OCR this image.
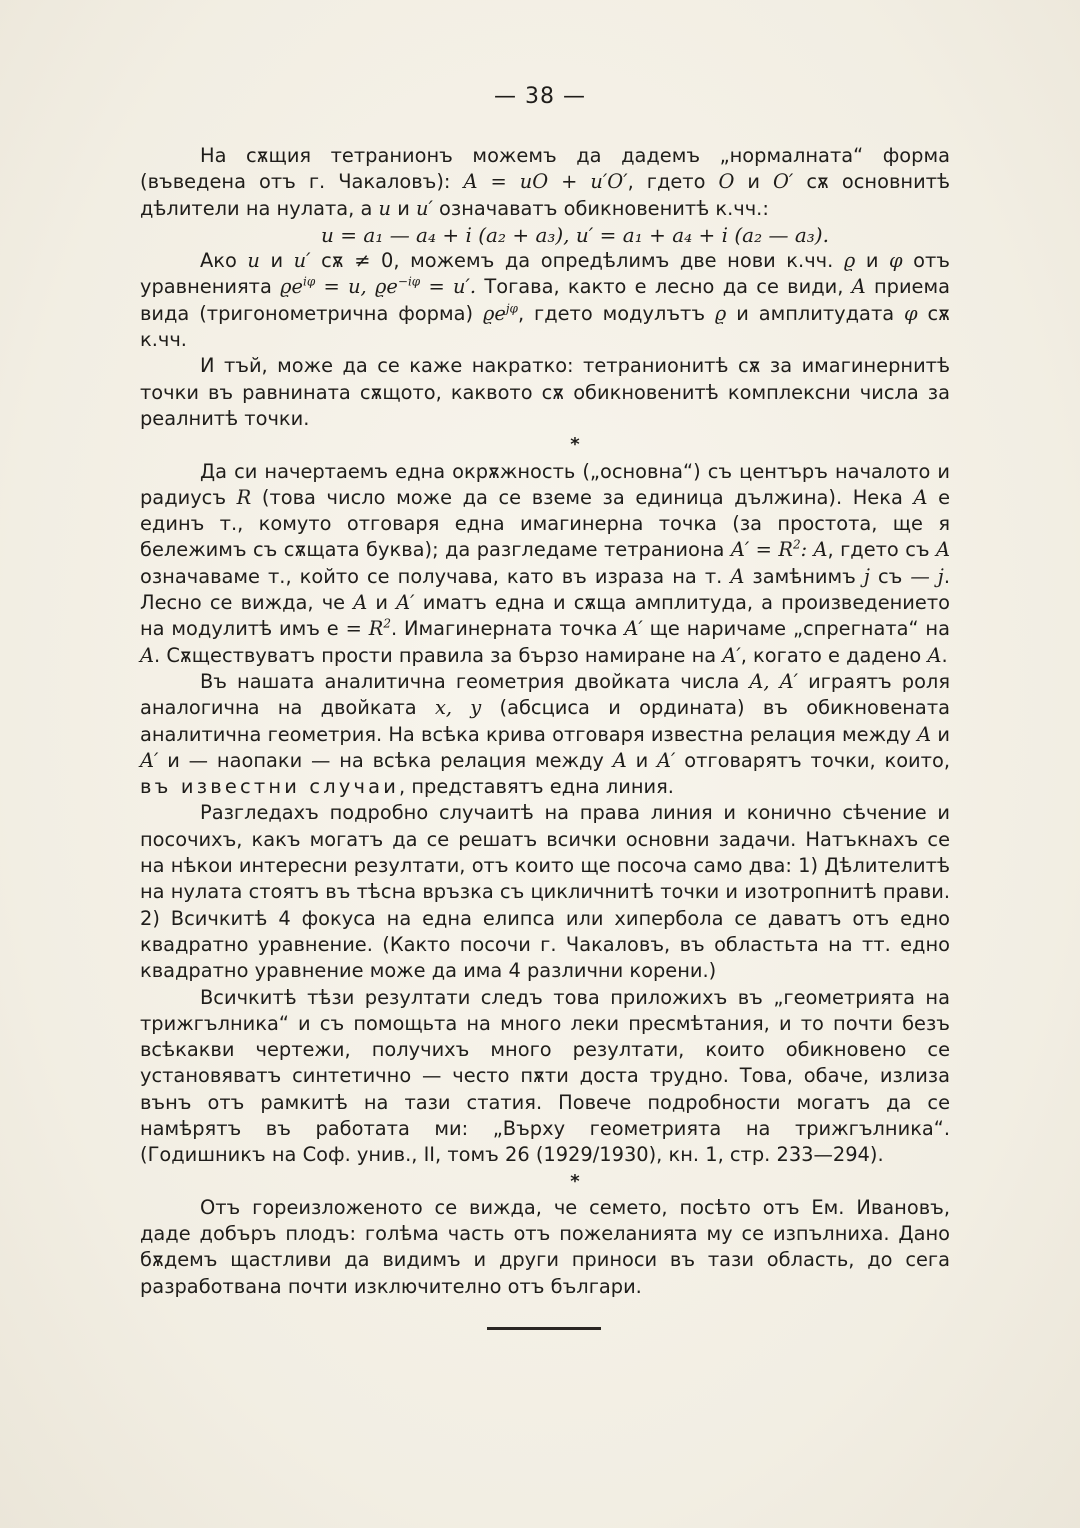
— 38 —

На сѫщия тетранионъ можемъ да дадемъ „нормалната“ форма (въведена отъ г. Чакаловъ): A = uO + u′O′, гдето O и O′ сѫ основнитѣ дѣлители на нулата, а u и u′ означаватъ обикновенитѣ к.чч.:

u = a₁ — a₄ + i (a₂ + a₃), u′ = a₁ + a₄ + i (a₂ — a₃).

Ако u и u′ сѫ ≠ 0, можемъ да опредѣлимъ две нови к.чч. ϱ и φ отъ уравненията $ϱe^{i\varphi} = u$, $ϱe^{-i\varphi} = u'$. Тогава, както е лесно да се види, A приема вида (тригонометрична форма) $ϱe^{j\varphi}$, гдето модулътъ ϱ и амплитудата φ сѫ к.чч.

И тъй, може да се каже накратко: тетранионитѣ сѫ за имагинернитѣ точки въ равнината сѫщото, каквото сѫ обикновенитѣ комплексни числа за реалнитѣ точки.

*

Да си начертаемъ една окрѫжность („основна“) съ центъръ началото и радиусъ R (това число може да се вземе за единица дължина). Нека A е единъ т., комуто отговаря една имагинерна точка (за простота, ще я бележимъ съ сѫщата буква); да разгледаме тетраниона $A' = R^2$: A, гдето съ A означаваме т., който се получава, като въ израза на т. A замѣнимъ j съ — j. Лесно се вижда, че A и A′ иматъ една и сѫща амплитуда, а произведението на модулитѣ имъ $е = R^2$. Имагинерната точка A′ ще наричаме „спрегната“ на A. Сѫществуватъ прости правила за бързо намиране на A′, когато е дадено A.

Въ нашата аналитична геометрия двойката числа A, A′ играятъ роля аналогична на двойката x, y (абсциса и ордината) въ обикновената аналитична геометрия. На всѣка крива отговаря известна релация между A и A′ и — наопаки — на всѣка релация между A и A′ отговарятъ точки, които, въ известни случаи, представятъ една линия.

Разгледахъ подробно случаитѣ на права линия и конично сѣчение и посочихъ, какъ могатъ да се решатъ всички основни задачи. Натъкнахъ се на нѣкои интересни резултати, отъ които ще посоча само два: 1) Дѣлителитѣ на нулата стоятъ въ тѣсна връзка съ цикличнитѣ точки и изотропнитѣ прави. 2) Всичкитѣ 4 фокуса на една елипса или хипербола се даватъ отъ едно квадратно уравнение. (Както посочи г. Чакаловъ, въ областьта на тт. едно квадратно уравнение може да има 4 различни корени.)

Всичкитѣ тѣзи резултати следъ това приложихъ въ „геометрията на трижгълника“ и съ помощьта на много леки пресмѣтания, и то почти безъ всѣкакви чертежи, получихъ много резултати, които обикновено се установяватъ синтетично — често пѫти доста трудно. Това, обаче, излиза вънъ отъ рамкитѣ на тази статия. Повече подробности могатъ да се намѣрятъ въ работата ми: „Върху геометрията на трижгълника“. (Годишникъ на Соф. унив., II, томъ 26 (1929/1930), кн. 1, стр. 233—294).

*

Отъ гореизложеното се вижда, че семето, посѣто отъ Ем. Ивановъ, даде добъръ плодъ: голѣма часть отъ пожеланията му се изпълниха. Дано бѫдемъ щастливи да видимъ и други приноси въ тази область, до сега разработвана почти изключително отъ българи.
